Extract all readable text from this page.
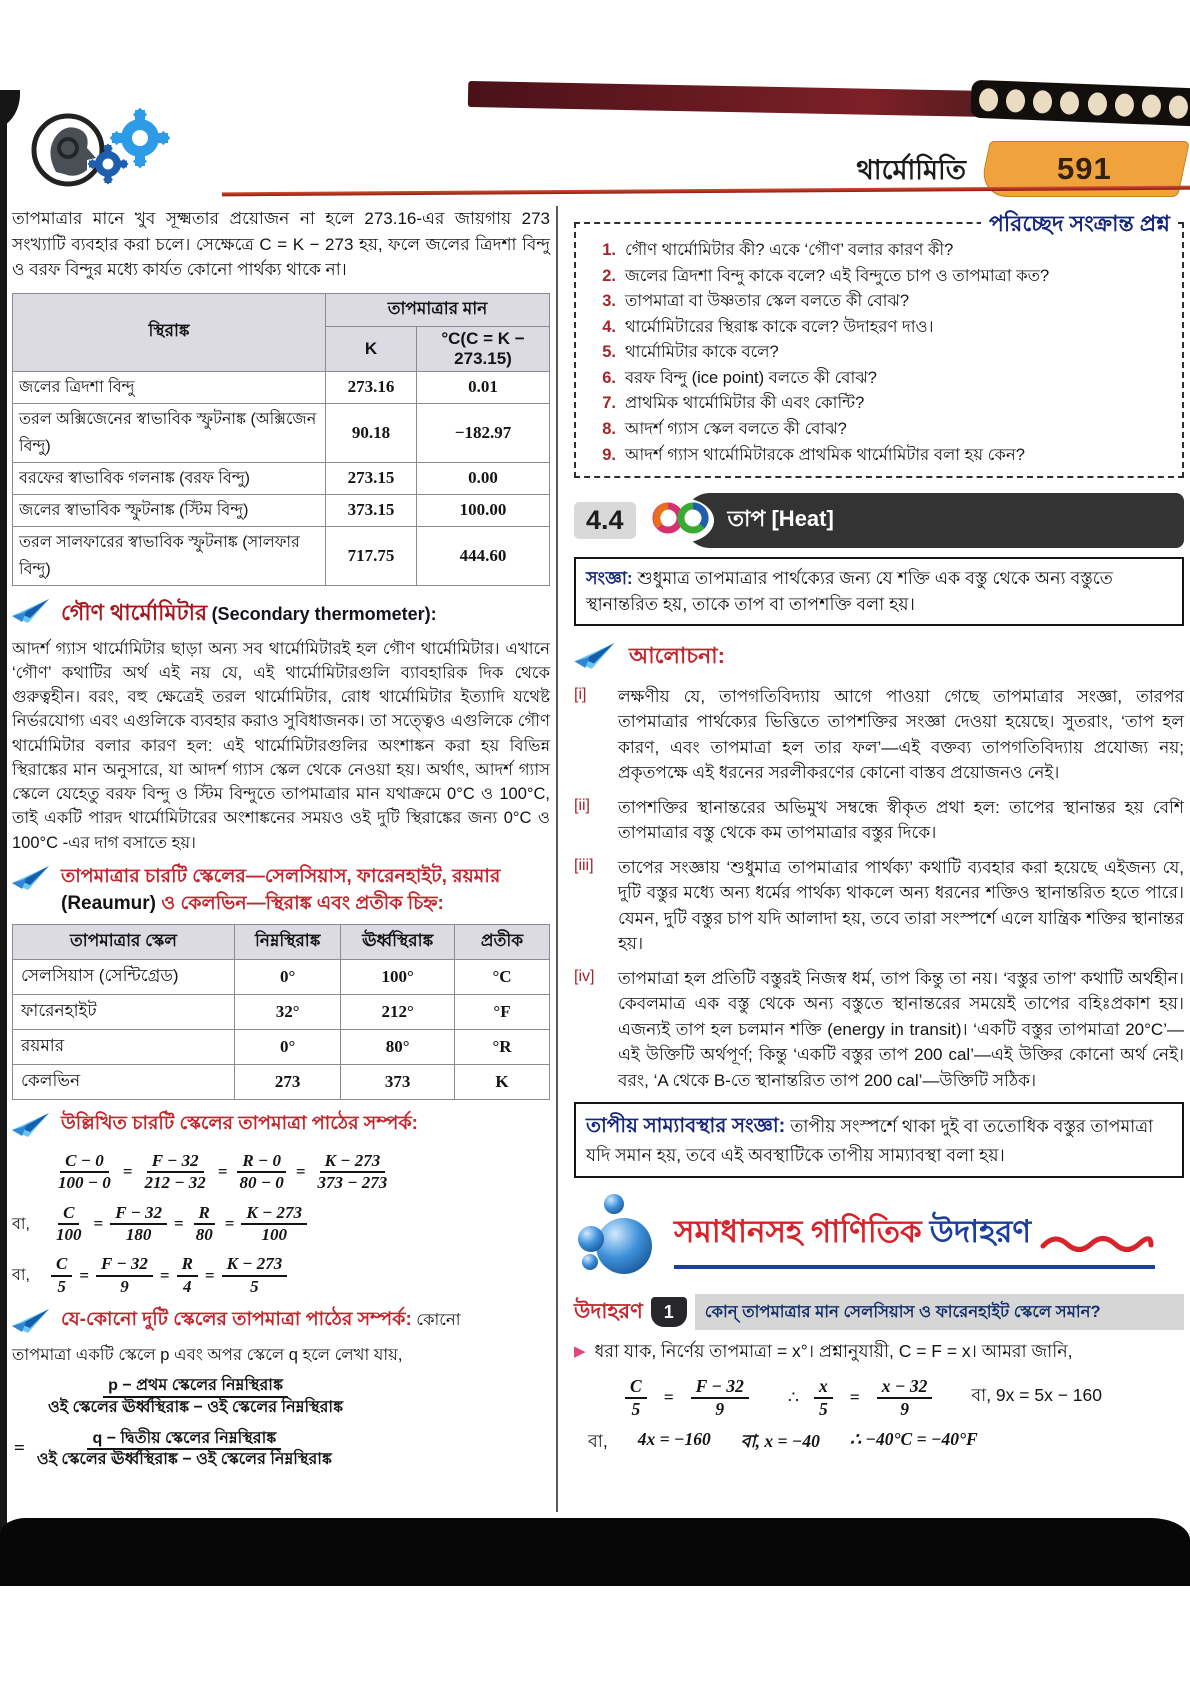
থার্মোমিতি	591

তাপমাত্রার মানে খুব সূক্ষ্মতার প্রয়োজন না হলে 273.16-এর জায়গায় 273 সংখ্যাটি ব্যবহার করা চলে। সেক্ষেত্রে C = K − 273 হয়, ফলে জলের ত্রিদশা বিন্দু ও বরফ বিন্দুর মধ্যে কার্যত কোনো পার্থক্য থাকে না।

স্থিরাঙ্ক	তাপমাত্রার মান	
	K	°C(C = K − 273.15)
জলের ত্রিদশা বিন্দু	273.16	0.01
তরল অক্সিজেনের স্বাভাবিক স্ফুটনাঙ্ক (অক্সিজেন বিন্দু)	90.18	−182.97
বরফের স্বাভাবিক গলনাঙ্ক (বরফ বিন্দু)	273.15	0.00
জলের স্বাভাবিক স্ফুটনাঙ্ক (স্টিম বিন্দু)	373.15	100.00
তরল সালফারের স্বাভাবিক স্ফুটনাঙ্ক (সালফার বিন্দু)	717.75	444.60
গৌণ থার্মোমিটার (Secondary thermometer):

আদর্শ গ্যাস থার্মোমিটার ছাড়া অন্য সব থার্মোমিটারই হল গৌণ থার্মোমিটার। এখানে ‘গৌণ’ কথাটির অর্থ এই নয় যে, এই থার্মোমিটারগুলি ব্যাবহারিক দিক থেকে গুরুত্বহীন। বরং, বহু ক্ষেত্রেই তরল থার্মোমিটার, রোধ থার্মোমিটার ইত্যাদি যথেষ্ট নির্ভরযোগ্য এবং এগুলিকে ব্যবহার করাও সুবিধাজনক। তা সত্ত্বেও এগুলিকে গৌণ থার্মোমিটার বলার কারণ হল: এই থার্মোমিটারগুলির অংশাঙ্কন করা হয় বিভিন্ন স্থিরাঙ্কের মান অনুসারে, যা আদর্শ গ্যাস স্কেল থেকে নেওয়া হয়। অর্থাৎ, আদর্শ গ্যাস স্কেলে যেহেতু বরফ বিন্দু ও স্টিম বিন্দুতে তাপমাত্রার মান যথাক্রমে 0°C ও 100°C, তাই একটি পারদ থার্মোমিটারের অংশাঙ্কনের সময়ও ওই দুটি স্থিরাঙ্কের জন্য 0°C ও 100°C -এর দাগ বসাতে হয়।

তাপমাত্রার চারটি স্কেলের—সেলসিয়াস, ফারেনহাইট, রয়মার (Reaumur) ও কেলভিন—স্থিরাঙ্ক এবং প্রতীক চিহ্ন:
তাপমাত্রার স্কেল	নিম্নস্থিরাঙ্ক	ঊর্ধ্বস্থিরাঙ্ক	প্রতীক
সেলসিয়াস (সেন্টিগ্রেড)	0°	100°	°C
ফারেনহাইট	32°	212°	°F
রয়মার	0°	80°	°R
কেলভিন	273	373	K
উল্লিখিত চারটি স্কেলের তাপমাত্রা পাঠের সম্পর্ক:
$\frac{C - 0}{100 - 0} = \frac{F - 32}{212 - 32} = \frac{R - 0}{80 - 0} = \frac{K - 273}{373 - 273}$
বা,	$\frac{C}{100} = \frac{F - 32}{180} = \frac{R}{80} = \frac{K - 273}{100}$
বা,	$\frac{C}{5} = \frac{F - 32}{9} = \frac{R}{4} = \frac{K - 273}{5}$
যে-কোনো দুটি স্কেলের তাপমাত্রা পাঠের সম্পর্ক: কোনো

তাপমাত্রা একটি স্কেলে p এবং অপর স্কেলে q হলে লেখা যায়,

$\frac{\text{p − প্রথম স্কেলের নিম্নস্থিরাঙ্ক}}{\text{ওই স্কেলের ঊর্ধ্বস্থিরাঙ্ক − ওই স্কেলের নিম্নস্থিরাঙ্ক}}$
= $\frac{\text{q − দ্বিতীয় স্কেলের নিম্নস্থিরাঙ্ক}}{\text{ওই স্কেলের ঊর্ধ্বস্থিরাঙ্ক − ওই স্কেলের নিম্নস্থিরাঙ্ক}}$
পরিচ্ছেদ সংক্রান্ত প্রশ্ন
1. গৌণ থার্মোমিটার কী? একে ‘গৌণ’ বলার কারণ কী?
2. জলের ত্রিদশা বিন্দু কাকে বলে? এই বিন্দুতে চাপ ও তাপমাত্রা কত?
3. তাপমাত্রা বা উষ্ণতার স্কেল বলতে কী বোঝ?
4. থার্মোমিটারের স্থিরাঙ্ক কাকে বলে? উদাহরণ দাও।
5. থার্মোমিটার কাকে বলে?
6. বরফ বিন্দু (ice point) বলতে কী বোঝ?
7. প্রাথমিক থার্মোমিটার কী এবং কোন্টি?
8. আদর্শ গ্যাস স্কেল বলতে কী বোঝ?
9. আদর্শ গ্যাস থার্মোমিটারকে প্রাথমিক থার্মোমিটার বলা হয় কেন?
4.4	তাপ [Heat]
সংজ্ঞা: শুধুমাত্র তাপমাত্রার পার্থক্যের জন্য যে শক্তি এক বস্তু থেকে অন্য বস্তুতে স্থানান্তরিত হয়, তাকে তাপ বা তাপশক্তি বলা হয়।
আলোচনা:
[i]	লক্ষণীয় যে, তাপগতিবিদ্যায় আগে পাওয়া গেছে তাপমাত্রার সংজ্ঞা, তারপর তাপমাত্রার পার্থক্যের ভিত্তিতে তাপশক্তির সংজ্ঞা দেওয়া হয়েছে। সুতরাং, ‘তাপ হল কারণ, এবং তাপমাত্রা হল তার ফল’—এই বক্তব্য তাপগতিবিদ্যায় প্রযোজ্য নয়; প্রকৃতপক্ষে এই ধরনের সরলীকরণের কোনো বাস্তব প্রয়োজনও নেই।
[ii]	তাপশক্তির স্থানান্তরের অভিমুখ সম্বন্ধে স্বীকৃত প্রথা হল: তাপের স্থানান্তর হয় বেশি তাপমাত্রার বস্তু থেকে কম তাপমাত্রার বস্তুর দিকে।
[iii]	তাপের সংজ্ঞায় ‘শুধুমাত্র তাপমাত্রার পার্থক্য’ কথাটি ব্যবহার করা হয়েছে এইজন্য যে, দুটি বস্তুর মধ্যে অন্য ধর্মের পার্থক্য থাকলে অন্য ধরনের শক্তিও স্থানান্তরিত হতে পারে। যেমন, দুটি বস্তুর চাপ যদি আলাদা হয়, তবে তারা সংস্পর্শে এলে যান্ত্রিক শক্তির স্থানান্তর হয়।
[iv]	তাপমাত্রা হল প্রতিটি বস্তুরই নিজস্ব ধর্ম, তাপ কিন্তু তা নয়। ‘বস্তুর তাপ’ কথাটি অর্থহীন। কেবলমাত্র এক বস্তু থেকে অন্য বস্তুতে স্থানান্তরের সময়েই তাপের বহিঃপ্রকাশ হয়। এজন্যই তাপ হল চলমান শক্তি (energy in transit)। ‘একটি বস্তুর তাপমাত্রা 20°C’—এই উক্তিটি অর্থপূর্ণ; কিন্তু ‘একটি বস্তুর তাপ 200 cal’—এই উক্তির কোনো অর্থ নেই। বরং, ‘A থেকে B-তে স্থানান্তরিত তাপ 200 cal’—উক্তিটি সঠিক।
তাপীয় সাম্যাবস্থার সংজ্ঞা: তাপীয় সংস্পর্শে থাকা দুই বা ততোধিক বস্তুর তাপমাত্রা যদি সমান হয়, তবে এই অবস্থাটিকে তাপীয় সাম্যাবস্থা বলা হয়।
সমাধানসহ গাণিতিক উদাহরণ
উদাহরণ	1	কোন্ তাপমাত্রার মান সেলসিয়াস ও ফারেনহাইট স্কেলে সমান?
▶ ধরা যাক, নির্ণেয় তাপমাত্রা = x°। প্রশ্নানুযায়ী, C = F = x। আমরা জানি,
$\frac{C}{5} = \frac{F - 32}{9}$ ∴ $\frac{x}{5} = \frac{x - 32}{9}$ বা, 9x = 5x − 160
বা, 4x = −160 বা, x = −40 ∴ −40°C = −40°F
